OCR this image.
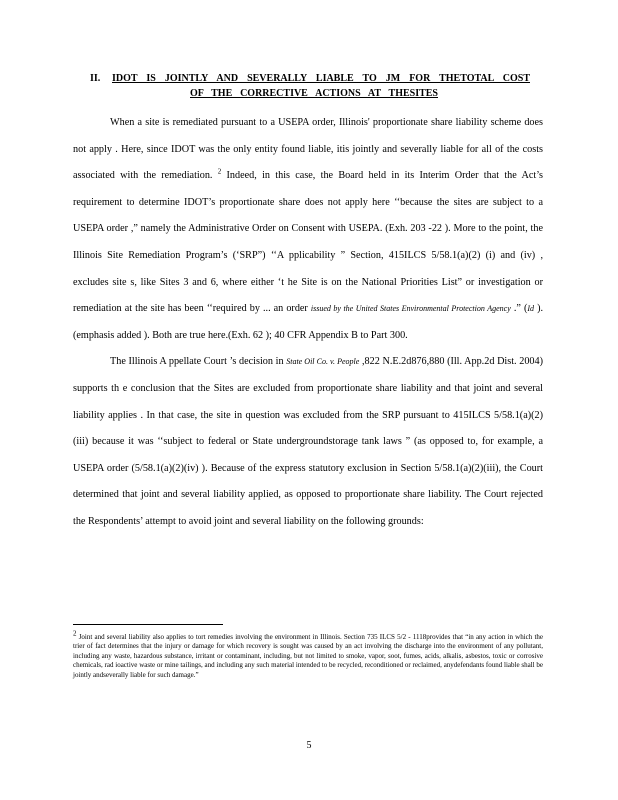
II. IDOT IS JOINTLY AND SEVERALLY LIABLE TO JM FOR THETOTAL COST
OF THE CORRECTIVE ACTIONS AT THESITES

When a site is remediated pursuant to a USEPA order, Illinois' proportionate share liability scheme does not apply . Here, since IDOT was the only entity found liable, itis jointly and severally liable for all of the costs associated with the remediation. $^2$ Indeed, in this case, the Board held in its Interim Order that the Act’s requirement to determine IDOT’s proportionate share does not apply here ‘‘because the sites are subject to a USEPA order ,” namely the Administrative Order on Consent with USEPA. (Exh. 203 -22 ). More to the point, the Illinois Site Remediation Program’s (‘SRP”) ‘‘A pplicability ” Section, 415ILCS 5/58.1(a)(2) (i) and (iv) , excludes site s, like Sites 3 and 6, where either ‘t he Site is on the National Priorities List” or investigation or remediation at the site has been ‘‘required by ... an order issued by the United States Environmental Protection Agency .” (Id ). (emphasis added ). Both are true here.(Exh. 62 ); 40 CFR Appendix B to Part 300.

The Illinois A ppellate Court ’s decision in State Oil Co. v. People ,822 N.E.2d876,880 (Ill. App.2d Dist. 2004) supports th e conclusion that the Sites are excluded from proportionate share liability and that joint and several liability applies . In that case, the site in question was excluded from the SRP pursuant to 415ILCS 5/58.1(a)(2) (iii) because it was ‘‘subject to federal or State undergroundstorage tank laws ” (as opposed to, for example, a USEPA order (5/58.1(a)(2)(iv) ). Because of the express statutory exclusion in Section 5/58.1(a)(2)(iii), the Court determined that joint and several liability applied, as opposed to proportionate share liability. The Court rejected the Respondents’ attempt to avoid joint and several liability on the following grounds:

$^2$ Joint and several liability also applies to tort remedies involving the environment in Illinois. Section 735 ILCS 5/2 - 1118provides that “in any action in which the trier of fact determines that the injury or damage for which recovery is sought was caused by an act involving the discharge into the environment of any pollutant, including any waste, hazardous substance, irritant or contaminant, including, but not limited to smoke, vapor, soot, fumes, acids, alkalis, asbestos, toxic or corrosive chemicals, rad ioactive waste or mine tailings, and including any such material intended to be recycled, reconditioned or reclaimed, anydefendants found liable shall be jointly andseverally liable for such damage.”
5
